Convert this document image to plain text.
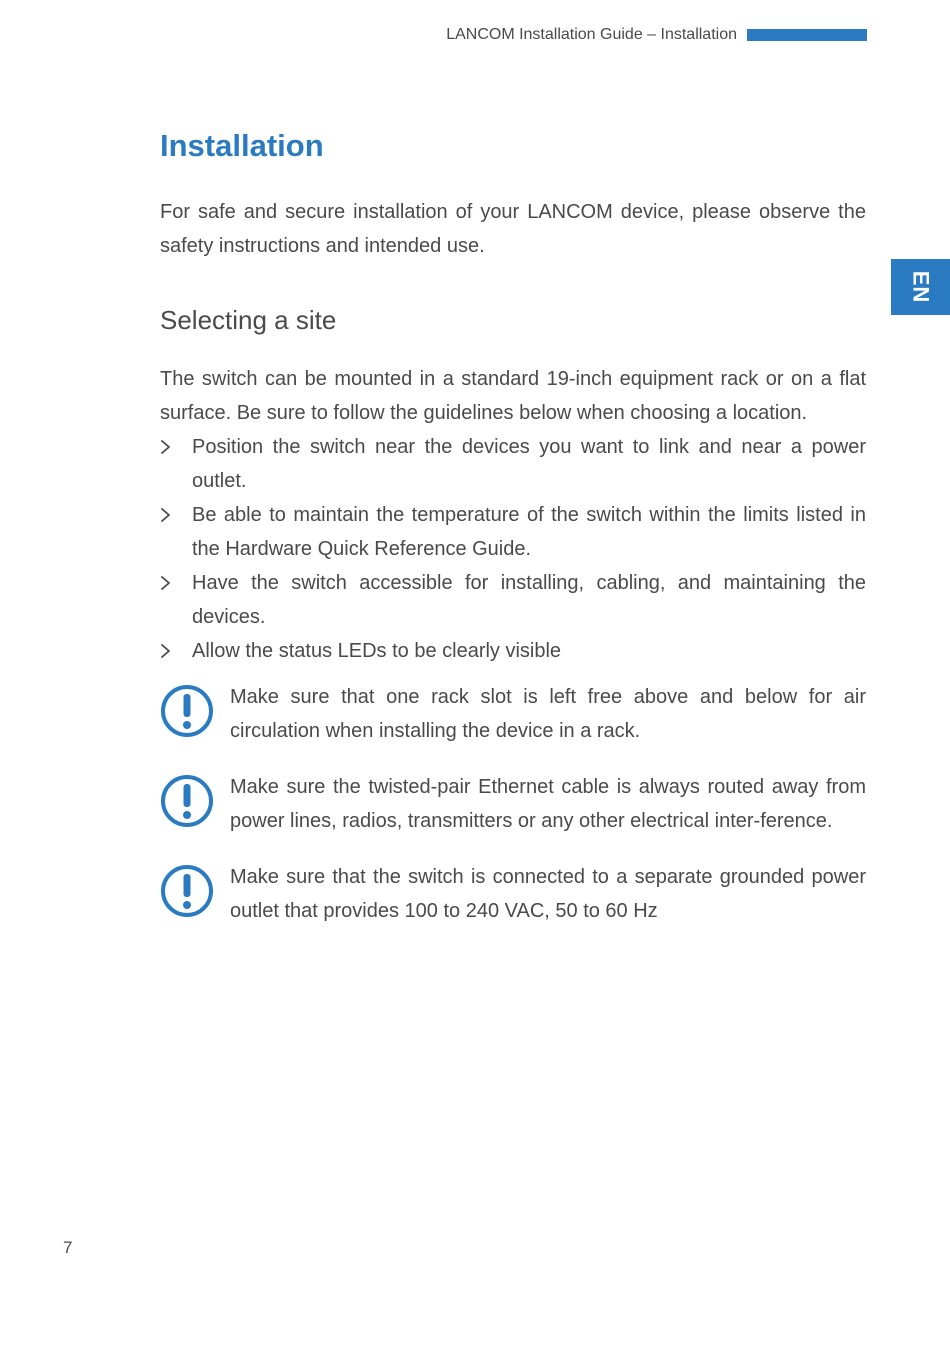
LANCOM Installation Guide – Installation
EN
Installation

For safe and secure installation of your LANCOM device, please observe the safety instructions and intended use.

Selecting a site

The switch can be mounted in a standard 19-inch equipment rack or on a flat surface. Be sure to follow the guidelines below when choosing a location.

Position the switch near the devices you want to link and near a power outlet.
Be able to maintain the temperature of the switch within the limits listed in the Hardware Quick Reference Guide.
Have the switch accessible for installing, cabling, and maintaining the devices.
Allow the status LEDs to be clearly visible
Make sure that one rack slot is left free above and below for air circulation when installing the device in a rack.
Make sure the twisted-pair Ethernet cable is always routed away from power lines, radios, transmitters or any other electrical inter-ference.
Make sure that the switch is connected to a separate grounded power outlet that provides 100 to 240 VAC, 50 to 60 Hz
7
